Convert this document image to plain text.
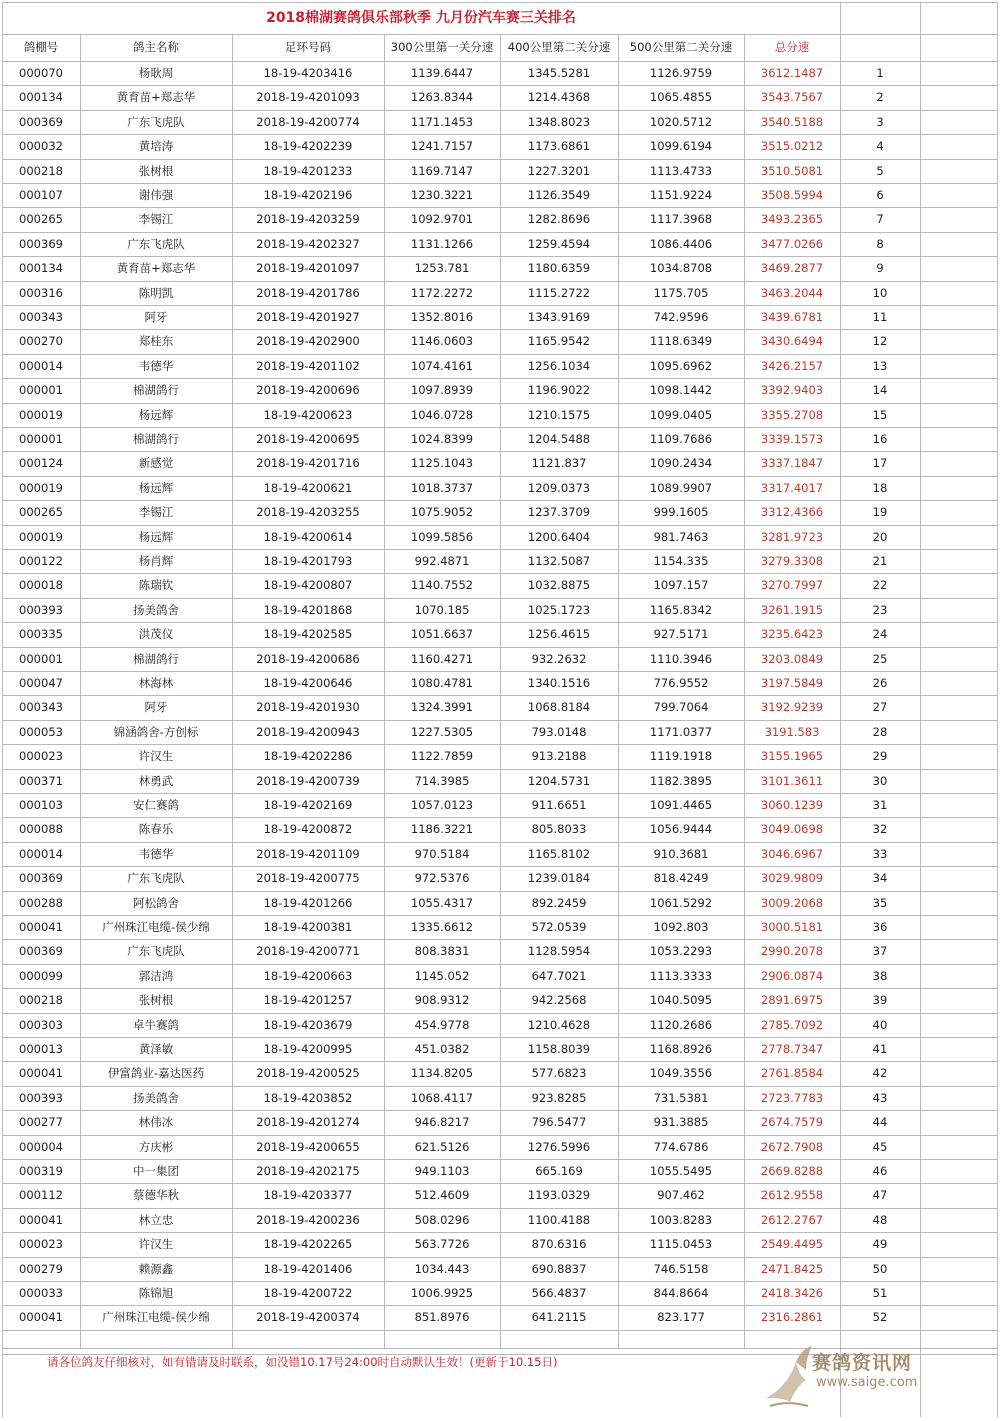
2018棉湖赛鸽俱乐部秋季 九月份汽车赛三关排名
鸽棚号	鸽主名称	足环号码	300公里第一关分速	400公里第二关分速	500公里第二关分速	总分速
000070	杨耿周	18-19-4203416	1139.6447	1345.5281	1126.9759	3612.1487	1
000134	黄育苗+郑志华	2018-19-4201093	1263.8344	1214.4368	1065.4855	3543.7567	2
000369	广东飞虎队	2018-19-4200774	1171.1453	1348.8023	1020.5712	3540.5188	3
000032	黄培涛	18-19-4202239	1241.7157	1173.6861	1099.6194	3515.0212	4
000218	张树根	18-19-4201233	1169.7147	1227.3201	1113.4733	3510.5081	5
000107	谢伟强	18-19-4202196	1230.3221	1126.3549	1151.9224	3508.5994	6
000265	李锡江	2018-19-4203259	1092.9701	1282.8696	1117.3968	3493.2365	7
000369	广东飞虎队	2018-19-4202327	1131.1266	1259.4594	1086.4406	3477.0266	8
000134	黄育苗+郑志华	2018-19-4201097	1253.781	1180.6359	1034.8708	3469.2877	9
000316	陈明凯	2018-19-4201786	1172.2272	1115.2722	1175.705	3463.2044	10
000343	阿牙	2018-19-4201927	1352.8016	1343.9169	742.9596	3439.6781	11
000270	郑桂东	2018-19-4202900	1146.0603	1165.9542	1118.6349	3430.6494	12
000014	韦德华	2018-19-4201102	1074.4161	1256.1034	1095.6962	3426.2157	13
000001	棉湖鸽行	2018-19-4200696	1097.8939	1196.9022	1098.1442	3392.9403	14
000019	杨远辉	18-19-4200623	1046.0728	1210.1575	1099.0405	3355.2708	15
000001	棉湖鸽行	2018-19-4200695	1024.8399	1204.5488	1109.7686	3339.1573	16
000124	新感觉	2018-19-4201716	1125.1043	1121.837	1090.2434	3337.1847	17
000019	杨远辉	18-19-4200621	1018.3737	1209.0373	1089.9907	3317.4017	18
000265	李锡江	2018-19-4203255	1075.9052	1237.3709	999.1605	3312.4366	19
000019	杨远辉	18-19-4200614	1099.5856	1200.6404	981.7463	3281.9723	20
000122	杨肖辉	18-19-4201793	992.4871	1132.5087	1154.335	3279.3308	21
000018	陈瑞钦	18-19-4200807	1140.7552	1032.8875	1097.157	3270.7997	22
000393	扬美鸽舍	18-19-4201868	1070.185	1025.1723	1165.8342	3261.1915	23
000335	洪茂仪	18-19-4202585	1051.6637	1256.4615	927.5171	3235.6423	24
000001	棉湖鸽行	2018-19-4200686	1160.4271	932.2632	1110.3946	3203.0849	25
000047	林海林	18-19-4200646	1080.4781	1340.1516	776.9552	3197.5849	26
000343	阿牙	2018-19-4201930	1324.3991	1068.8184	799.7064	3192.9239	27
000053	锦涵鸽舍-方创标	2018-19-4200943	1227.5305	793.0148	1171.0377	3191.583	28
000023	许汉生	18-19-4202286	1122.7859	913.2188	1119.1918	3155.1965	29
000371	林勇武	2018-19-4200739	714.3985	1204.5731	1182.3895	3101.3611	30
000103	安仁赛鸽	18-19-4202169	1057.0123	911.6651	1091.4465	3060.1239	31
000088	陈春乐	18-19-4200872	1186.3221	805.8033	1056.9444	3049.0698	32
000014	韦德华	2018-19-4201109	970.5184	1165.8102	910.3681	3046.6967	33
000369	广东飞虎队	2018-19-4200775	972.5376	1239.0184	818.4249	3029.9809	34
000288	阿松鸽舍	18-19-4201266	1055.4317	892.2459	1061.5292	3009.2068	35
000041	广州珠江电缆-侯少绵	18-19-4200381	1335.6612	572.0539	1092.803	3000.5181	36
000369	广东飞虎队	2018-19-4200771	808.3831	1128.5954	1053.2293	2990.2078	37
000099	郭洁鸿	18-19-4200663	1145.052	647.7021	1113.3333	2906.0874	38
000218	张树根	18-19-4201257	908.9312	942.2568	1040.5095	2891.6975	39
000303	卓牛赛鸽	18-19-4203679	454.9778	1210.4628	1120.2686	2785.7092	40
000013	黄泽敏	18-19-4200995	451.0382	1158.8039	1168.8926	2778.7347	41
000041	伊富鸽业-嘉达医药	2018-19-4200525	1134.8205	577.6823	1049.3556	2761.8584	42
000393	扬美鸽舍	18-19-4203852	1068.4117	923.8285	731.5381	2723.7783	43
000277	林伟冰	2018-19-4201274	946.8217	796.5477	931.3885	2674.7579	44
000004	方庆彬	2018-19-4200655	621.5126	1276.5996	774.6786	2672.7908	45
000319	中一集团	2018-19-4202175	949.1103	665.169	1055.5495	2669.8288	46
000112	蔡德华秋	18-19-4203377	512.4609	1193.0329	907.462	2612.9558	47
000041	林立忠	2018-19-4200236	508.0296	1100.4188	1003.8283	2612.2767	48
000023	许汉生	18-19-4202265	563.7726	870.6316	1115.0453	2549.4495	49
000279	赖源鑫	18-19-4201406	1034.443	690.8837	746.5158	2471.8425	50
000033	陈锦旭	18-19-4200722	1006.9925	566.4837	844.8664	2418.3426	51
000041	广州珠江电缆-侯少绵	2018-19-4200374	851.8976	641.2115	823.177	2316.2861	52
请各位鸽友仔细核对，如有错请及时联系，如没错10.17号24:00时自动默认生效！(更新于10.15日)	赛鸽资讯网
www.saige.com
